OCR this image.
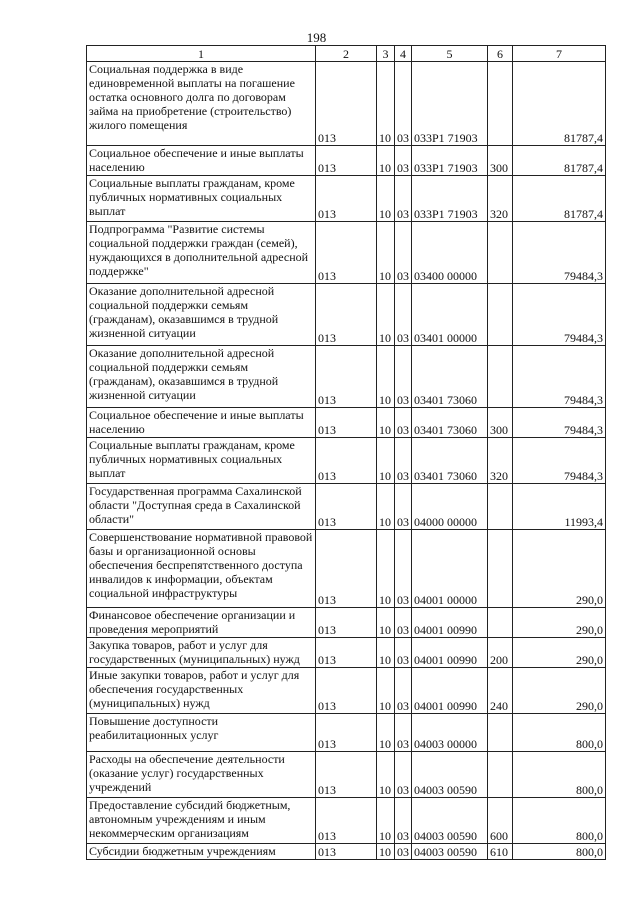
198
1	2	3	4	5	6	7
Социальная поддержка в виде единовременной выплаты на погашение остатка основного долга по договорам займа на приобретение (строительство) жилого помещения	013	10	03	033P1 71903		81787,4
Социальное обеспечение и иные выплаты населению	013	10	03	033P1 71903	300	81787,4
Социальные выплаты гражданам, кроме публичных нормативных социальных выплат	013	10	03	033P1 71903	320	81787,4
Подпрограмма "Развитие системы социальной поддержки граждан (семей), нуждающихся в дополнительной адресной поддержке"	013	10	03	03400 00000		79484,3
Оказание дополнительной адресной социальной поддержки семьям (гражданам), оказавшимся в трудной жизненной ситуации	013	10	03	03401 00000		79484,3
Оказание дополнительной адресной социальной поддержки семьям (гражданам), оказавшимся в трудной жизненной ситуации	013	10	03	03401 73060		79484,3
Социальное обеспечение и иные выплаты населению	013	10	03	03401 73060	300	79484,3
Социальные выплаты гражданам, кроме публичных нормативных социальных выплат	013	10	03	03401 73060	320	79484,3
Государственная программа Сахалинской области "Доступная среда в Сахалинской области"	013	10	03	04000 00000		11993,4
Совершенствование нормативной правовой базы и организационной основы обеспечения беспрепятственного доступа инвалидов к информации, объектам социальной инфраструктуры	013	10	03	04001 00000		290,0
Финансовое обеспечение организации и проведения мероприятий	013	10	03	04001 00990		290,0
Закупка товаров, работ и услуг для государственных (муниципальных) нужд	013	10	03	04001 00990	200	290,0
Иные закупки товаров, работ и услуг для обеспечения государственных (муниципальных) нужд	013	10	03	04001 00990	240	290,0
Повышение доступности реабилитационных услуг	013	10	03	04003 00000		800,0
Расходы на обеспечение деятельности (оказание услуг) государственных учреждений	013	10	03	04003 00590		800,0
Предоставление субсидий бюджетным, автономным учреждениям и иным некоммерческим организациям	013	10	03	04003 00590	600	800,0
Субсидии бюджетным учреждениям	013	10	03	04003 00590	610	800,0
